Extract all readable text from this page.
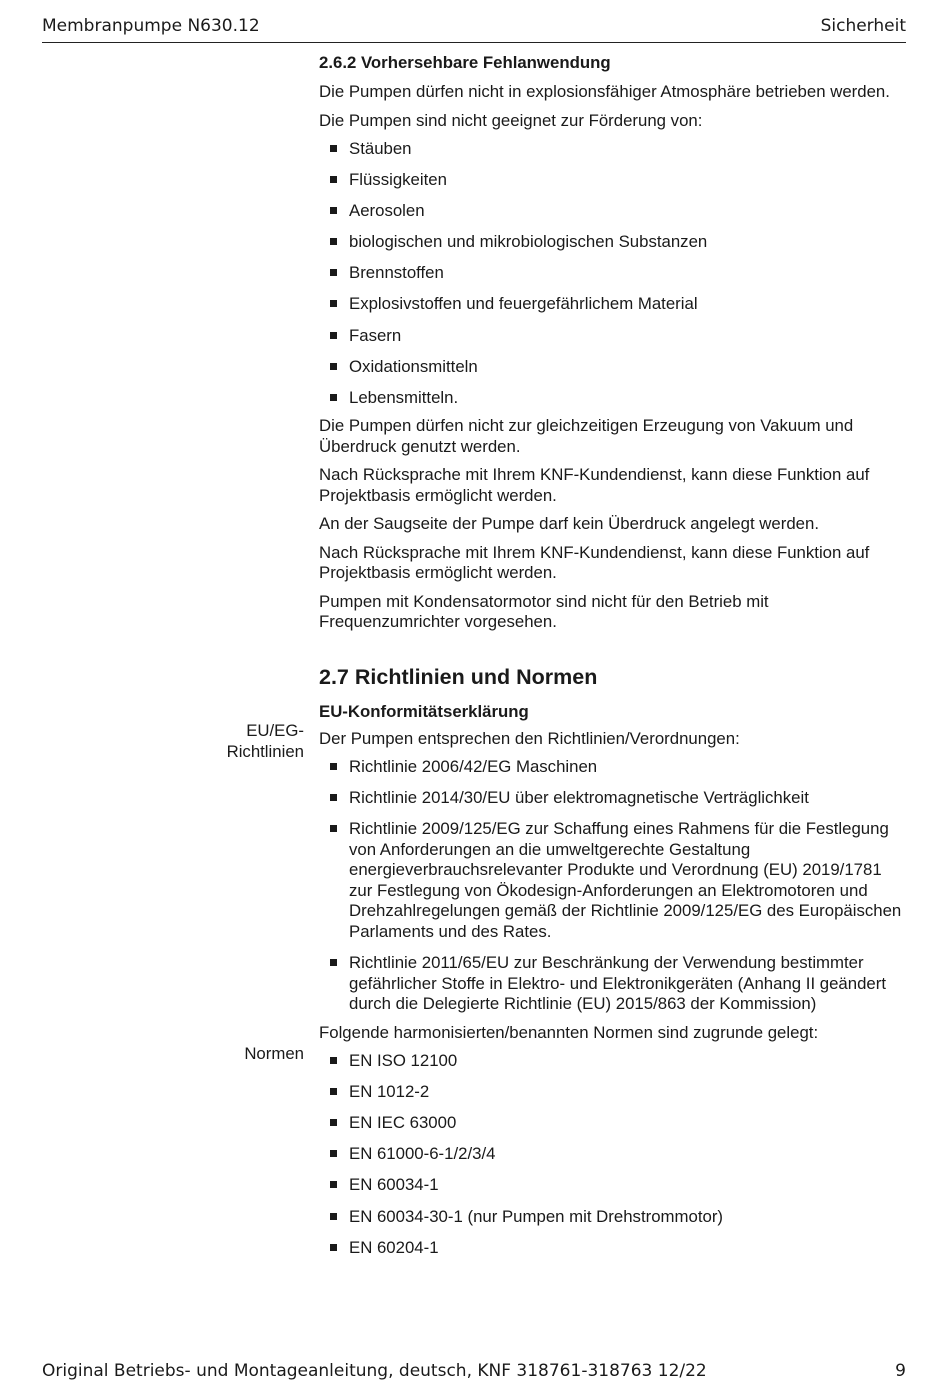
Membranpumpe N630.12	Sicherheit
EU/EG-
Richtlinien
Normen
2.6.2 Vorhersehbare Fehlanwendung

Die Pumpen dürfen nicht in explosionsfähiger Atmosphäre betrieben werden.

Die Pumpen sind nicht geeignet zur Förderung von:

Stäuben
Flüssigkeiten
Aerosolen
biologischen und mikrobiologischen Substanzen
Brennstoffen
Explosivstoffen und feuergefährlichem Material
Fasern
Oxidationsmitteln
Lebensmitteln.

Die Pumpen dürfen nicht zur gleichzeitigen Erzeugung von Vakuum und Überdruck genutzt werden.

Nach Rücksprache mit Ihrem KNF-Kundendienst, kann diese Funktion auf Projektbasis ermöglicht werden.

An der Saugseite der Pumpe darf kein Überdruck angelegt werden.

Nach Rücksprache mit Ihrem KNF-Kundendienst, kann diese Funktion auf Projektbasis ermöglicht werden.

Pumpen mit Kondensatormotor sind nicht für den Betrieb mit Frequenzumrichter vorgesehen.

2.7 Richtlinien und Normen
EU-Konformitätserklärung

Der Pumpen entsprechen den Richtlinien/Verordnungen:

Richtlinie 2006/42/EG Maschinen
Richtlinie 2014/30/EU über elektromagnetische Verträglichkeit
Richtlinie 2009/125/EG zur Schaffung eines Rahmens für die Festlegung von Anforderungen an die umweltgerechte Gestaltung energieverbrauchsrelevanter Produkte und Verordnung (EU) 2019/1781 zur Festlegung von Ökodesign-Anforderungen an Elektromotoren und Drehzahlregelungen gemäß der Richtlinie 2009/125/EG des Europäischen Parlaments und des Rates.
Richtlinie 2011/65/EU zur Beschränkung der Verwendung bestimmter gefährlicher Stoffe in Elektro- und Elektronikgeräten (Anhang II geändert durch die Delegierte Richtlinie (EU) 2015/863 der Kommission)

Folgende harmonisierten/benannten Normen sind zugrunde gelegt:

EN ISO 12100
EN 1012-2
EN IEC 63000
EN 61000-6-1/2/3/4
EN 60034-1
EN 60034-30-1 (nur Pumpen mit Drehstrommotor)
EN 60204-1
Original Betriebs- und Montageanleitung, deutsch, KNF 318761-318763 12/22	9
